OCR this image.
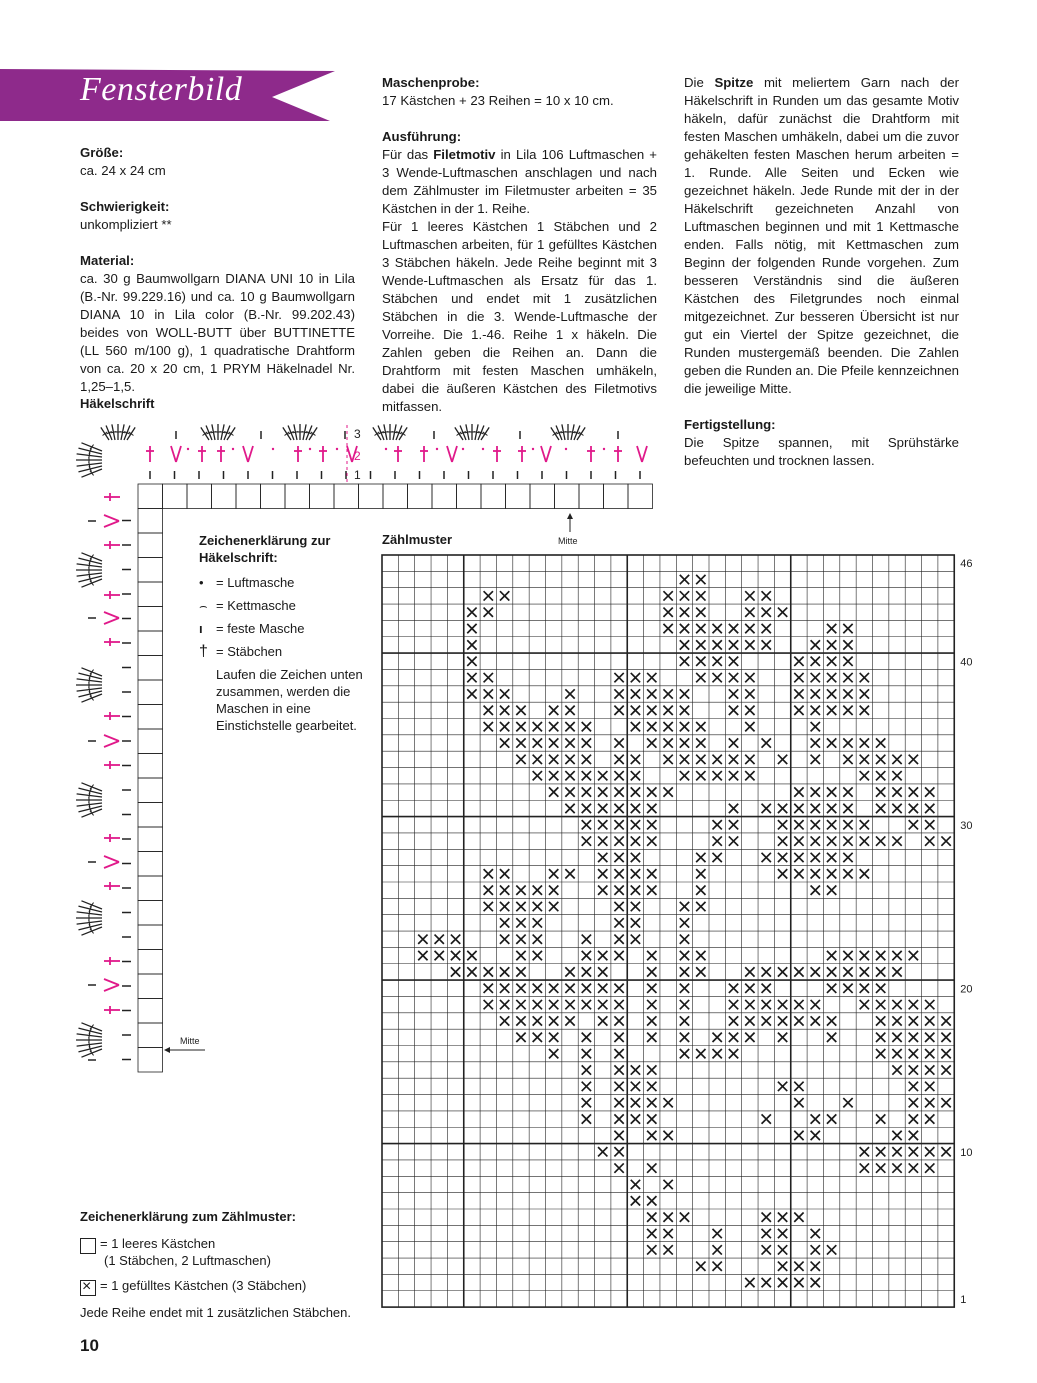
Fensterbild

Größe:
ca. 24 x 24 cm

Schwierigkeit:
unkompliziert **

Material:
ca. 30 g Baumwollgarn DIANA UNI 10 in Lila (B.-Nr. 99.229.16) und ca. 10 g Baumwollgarn DIANA 10 in Lila color (B.-Nr. 99.202.43) beides von WOLL-BUTT über BUTTINETTE (LL 560 m/100 g), 1 quadratische Drahtform von ca. 20 x 20 cm, 1 PRYM Häkelnadel Nr. 1,25–1,5.

Maschenprobe:
17 Kästchen + 23 Reihen = 10 x 10 cm.

Ausführung:
Für das Filetmotiv in Lila 106 Luftmaschen + 3 Wende-Luftmaschen anschlagen und nach dem Zählmuster im Filetmuster arbeiten = 35 Kästchen in der 1. Reihe.
Für 1 leeres Kästchen 1 Stäbchen und 2 Luftmaschen arbeiten, für 1 gefülltes Kästchen 3 Stäbchen häkeln. Jede Reihe beginnt mit 3 Wende-Luftmaschen als Ersatz für das 1. Stäbchen und endet mit 1 zusätzlichen Stäbchen in die 3. Wende-Luftmasche der Vorreihe. Die 1.-46. Reihe 1 x häkeln. Die Zahlen geben die Reihen an. Dann die Drahtform mit festen Maschen umhäkeln, dabei die äußeren Kästchen des Filetmotivs mitfassen.

Die Spitze mit meliertem Garn nach der Häkelschrift in Runden um das gesamte Motiv häkeln, dafür zunächst die Drahtform mit festen Maschen umhäkeln, dabei um die zuvor gehäkelten festen Maschen herum arbeiten = 1. Runde. Alle Seiten und Ecken wie gezeichnet häkeln. Jede Runde mit der in der Häkelschrift gezeichneten Anzahl von Luftmaschen beginnen und mit 1 Kettmasche enden. Falls nötig, mit Kettmaschen zum Beginn der folgenden Runde vorgehen. Zum besseren Verständnis sind die äußeren Kästchen des Filetgrundes noch einmal mitgezeichnet. Zur besseren Übersicht ist nur gut ein Viertel der Spitze gezeichnet, die Runden mustergemäß beenden. Die Zahlen geben die Runden an. Die Pfeile kennzeichnen die jeweilige Mitte.

Fertigstellung:
Die Spitze spannen, mit Sprühstärke befeuchten und trocknen lassen.

Häkelschrift
3
2
1
Mitte
Mitte
Zeichenerklärung zur Häkelschrift:
• = Luftmasche
⌢ = Kettmasche
ı	= feste Masche
† = Stäbchen
Laufen die Zeichen unten zusammen, werden die Maschen in eine Einstichstelle gearbeitet.
Zählmuster
46
40
30
20
10
1
Zeichenerklärung zum Zählmuster:
= 1 leeres Kästchen
(1 Stäbchen, 2 Luftmaschen)
×
= 1 gefülltes Kästchen (3 Stäbchen)
Jede Reihe endet mit 1 zusätzlichen Stäbchen.
10
